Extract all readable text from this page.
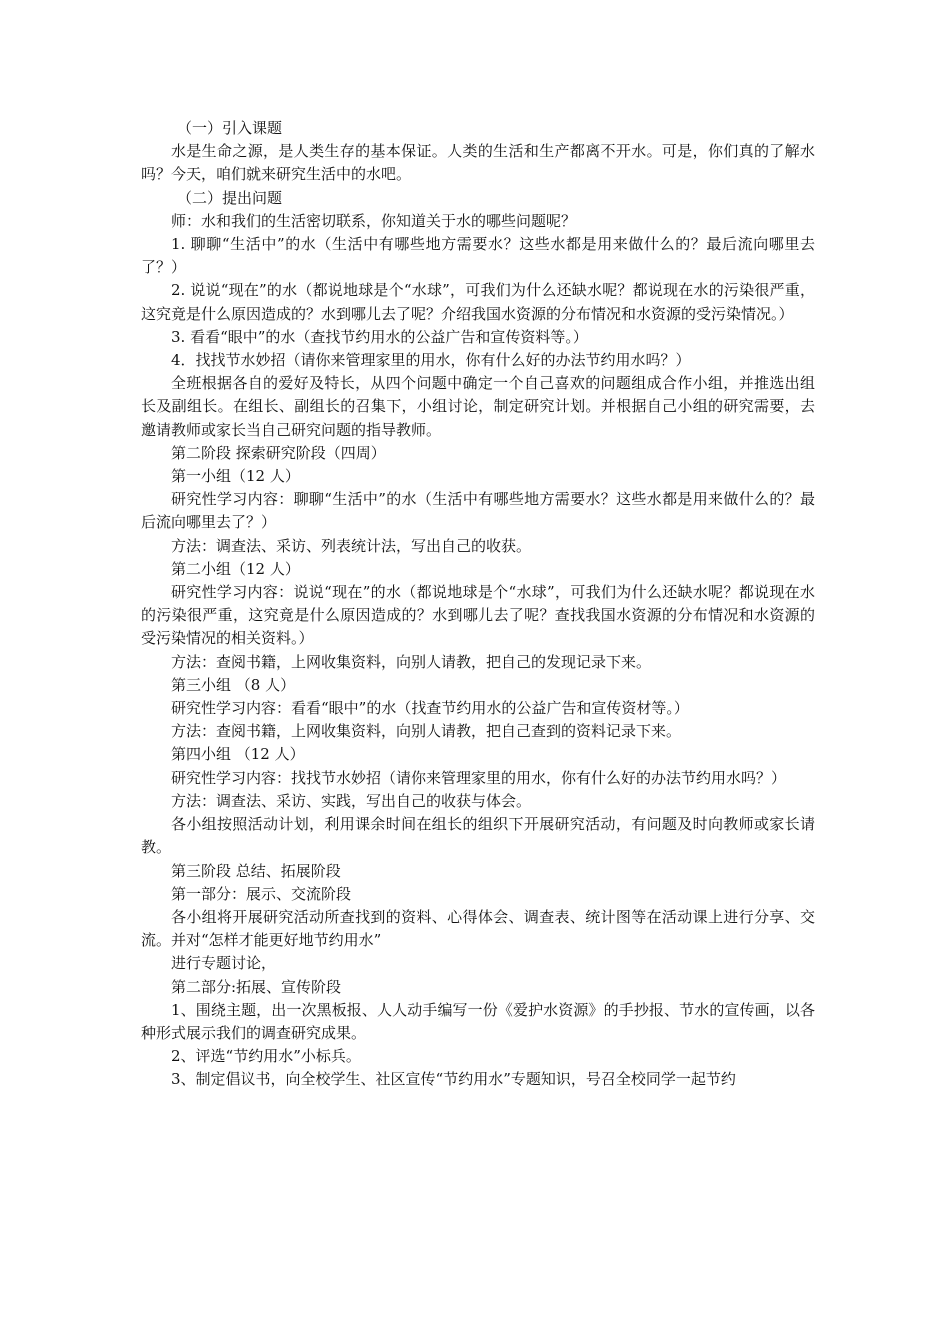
（一）引入课题

水是生命之源，是人类生存的基本保证。人类的生活和生产都离不开水。可是，你们真的了解水吗？今天，咱们就来研究生活中的水吧。

（二）提出问题

师：水和我们的生活密切联系，你知道关于水的哪些问题呢？

1. 聊聊“生活中”的水（生活中有哪些地方需要水？这些水都是用来做什么的？最后流向哪里去了？）

2. 说说“现在”的水（都说地球是个“水球”，可我们为什么还缺水呢？都说现在水的污染很严重，这究竟是什么原因造成的？水到哪儿去了呢？介绍我国水资源的分布情况和水资源的受污染情况。）

3. 看看“眼中”的水（查找节约用水的公益广告和宣传资料等。）

4．找找节水妙招（请你来管理家里的用水，你有什么好的办法节约用水吗？）

全班根据各自的爱好及特长，从四个问题中确定一个自己喜欢的问题组成合作小组，并推选出组长及副组长。在组长、副组长的召集下，小组讨论，制定研究计划。并根据自己小组的研究需要，去邀请教师或家长当自己研究问题的指导教师。

第二阶段 探索研究阶段（四周）

第一小组（12 人）

研究性学习内容：聊聊“生活中”的水（生活中有哪些地方需要水？这些水都是用来做什么的？最后流向哪里去了？）

方法：调查法、采访、列表统计法，写出自己的收获。

第二小组（12 人）

研究性学习内容：说说“现在”的水（都说地球是个“水球”，可我们为什么还缺水呢？都说现在水的污染很严重，这究竟是什么原因造成的？水到哪儿去了呢？查找我国水资源的分布情况和水资源的受污染情况的相关资料。）

方法：查阅书籍，上网收集资料，向别人请教，把自己的发现记录下来。

第三小组 （8 人）

研究性学习内容：看看“眼中”的水（找查节约用水的公益广告和宣传资材等。）

方法：查阅书籍，上网收集资料，向别人请教，把自己查到的资料记录下来。

第四小组 （12 人）

研究性学习内容：找找节水妙招（请你来管理家里的用水，你有什么好的办法节约用水吗？）

方法：调查法、采访、实践，写出自己的收获与体会。

各小组按照活动计划，利用课余时间在组长的组织下开展研究活动，有问题及时向教师或家长请教。

第三阶段 总结、拓展阶段

第一部分：展示、交流阶段

各小组将开展研究活动所查找到的资料、心得体会、调查表、统计图等在活动课上进行分享、交流。并对“怎样才能更好地节约用水”

进行专题讨论，

第二部分:拓展、宣传阶段

1、围绕主题，出一次黑板报、人人动手编写一份《爱护水资源》的手抄报、节水的宣传画，以各种形式展示我们的调查研究成果。

2、评选“节约用水”小标兵。

3、制定倡议书，向全校学生、社区宣传“节约用水”专题知识，号召全校同学一起节约
